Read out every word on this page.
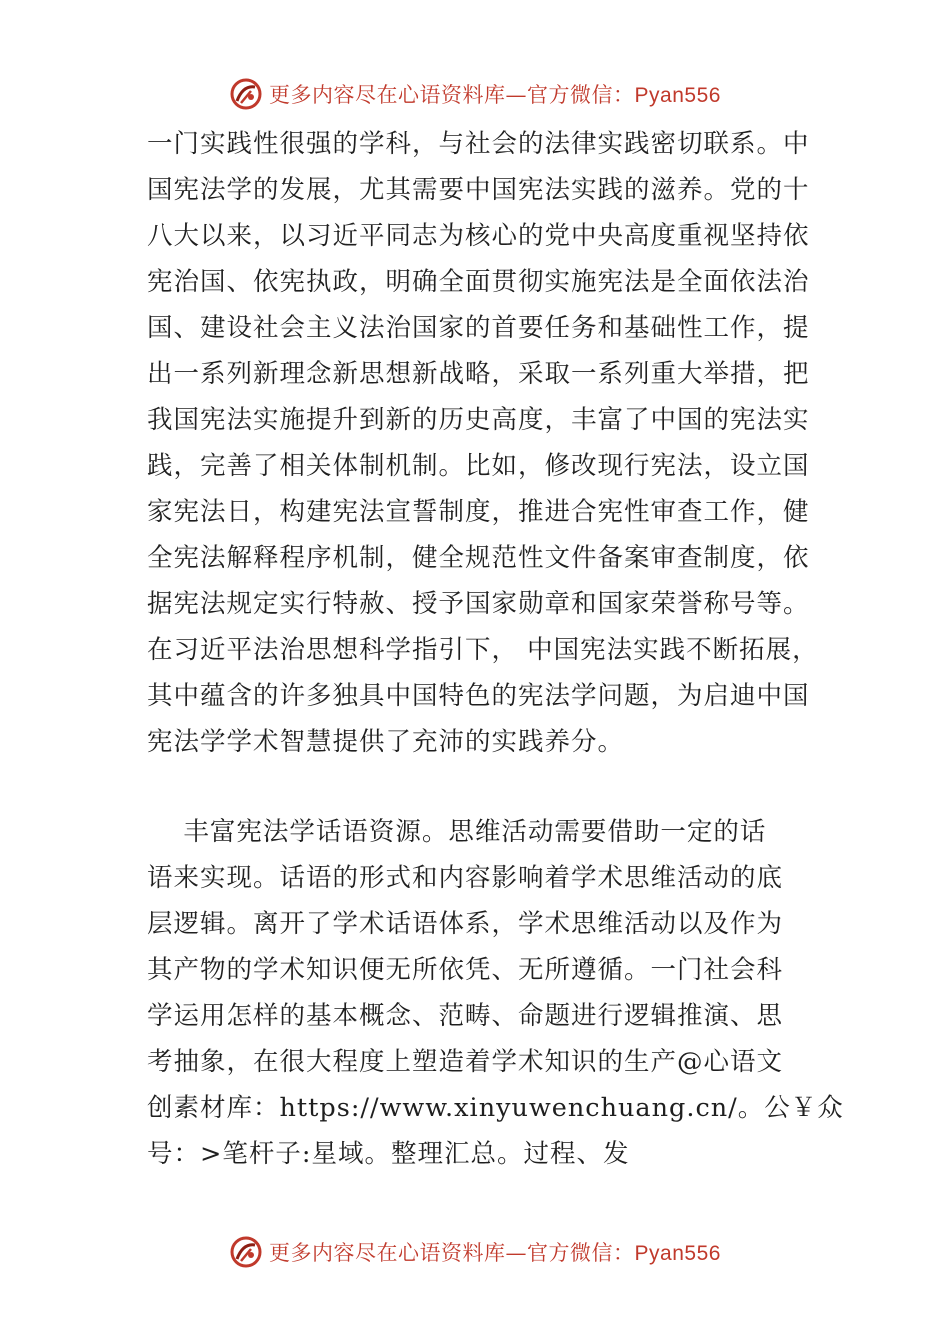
更多内容尽在心语资料库—官方微信：Pyan556
一门实践性很强的学科，与社会的法律实践密切联系。中
国宪法学的发展，尤其需要中国宪法实践的滋养。党的十
八大以来，以习近平同志为核心的党中央高度重视坚持依
宪治国、依宪执政，明确全面贯彻实施宪法是全面依法治
国、建设社会主义法治国家的首要任务和基础性工作，提
出一系列新理念新思想新战略，采取一系列重大举措，把
我国宪法实施提升到新的历史高度，丰富了中国的宪法实
践，完善了相关体制机制。比如，修改现行宪法，设立国
家宪法日，构建宪法宣誓制度，推进合宪性审查工作，健
全宪法解释程序机制，健全规范性文件备案审查制度，依
据宪法规定实行特赦、授予国家勋章和国家荣誉称号等。
在习近平法治思想科学指引下， 中国宪法实践不断拓展，
其中蕴含的许多独具中国特色的宪法学问题，为启迪中国
宪法学学术智慧提供了充沛的实践养分。
丰富宪法学话语资源。思维活动需要借助一定的话
语来实现。话语的形式和内容影响着学术思维活动的底
层逻辑。离开了学术话语体系，学术思维活动以及作为
其产物的学术知识便无所依凭、无所遵循。一门社会科
学运用怎样的基本概念、范畴、命题进行逻辑推演、思
考抽象，在很大程度上塑造着学术知识的生产@心语文
创素材库：https://www.xinyuwenchuang.cn/。公￥众
号：>笔杆子:星域。整理汇总。过程、发
更多内容尽在心语资料库—官方微信：Pyan556
